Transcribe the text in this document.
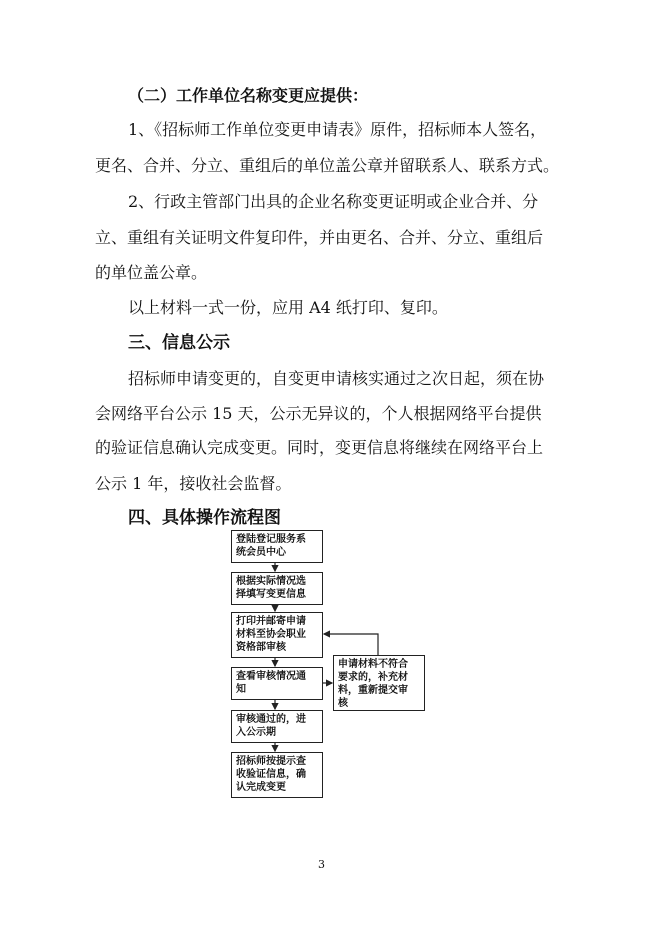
（二）工作单位名称变更应提供：
1、《招标师工作单位变更申请表》原件，招标师本人签名，
更名、合并、分立、重组后的单位盖公章并留联系人、联系方式。
2、行政主管部门出具的企业名称变更证明或企业合并、分
立、重组有关证明文件复印件，并由更名、合并、分立、重组后
的单位盖公章。
以上材料一式一份，应用 A4 纸打印、复印。
三、信息公示
招标师申请变更的，自变更申请核实通过之次日起，须在协
会网络平台公示 15 天，公示无异议的，个人根据网络平台提供
的验证信息确认完成变更。同时，变更信息将继续在网络平台上
公示 1 年，接收社会监督。
四、具体操作流程图
登陆登记服务系
统会员中心
根据实际情况选
择填写变更信息
打印并邮寄申请
材料至协会职业
资格部审核
查看审核情况通
知
审核通过的，进
入公示期
招标师按提示查
收验证信息，确
认完成变更
申请材料不符合
要求的，补充材
料，重新提交审
核
3
